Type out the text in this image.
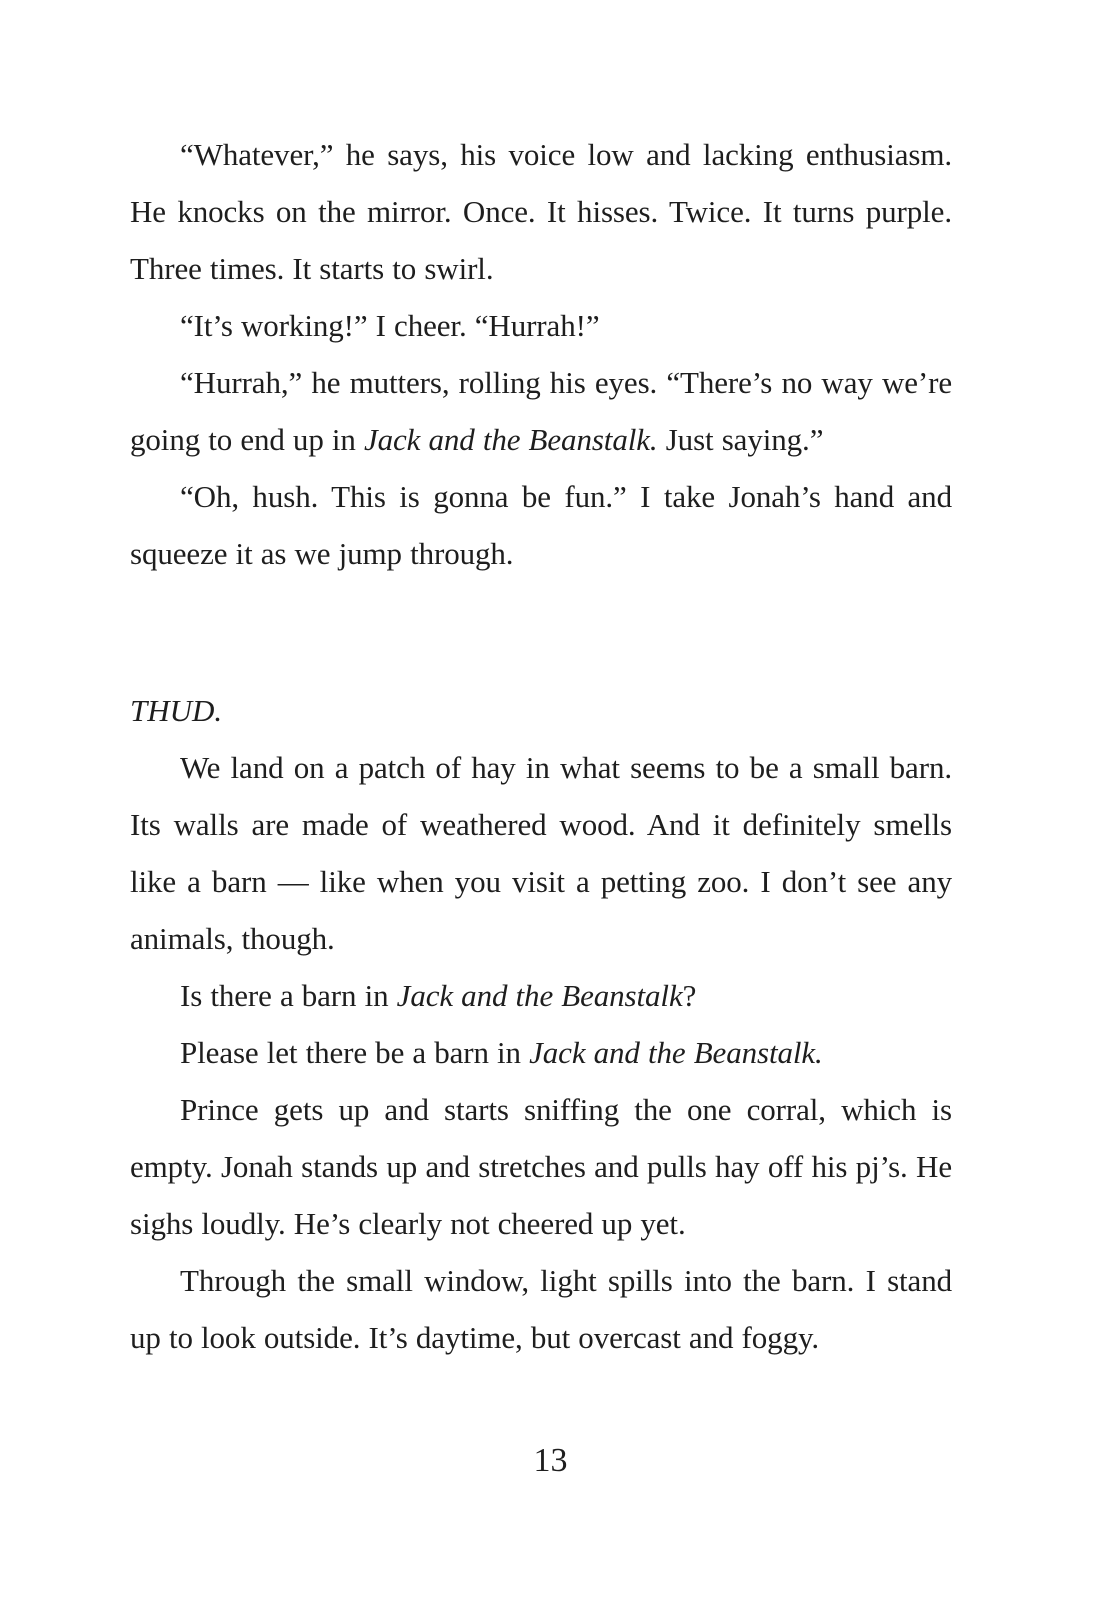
“Whatever,” he says, his voice low and lacking enthusiasm. He knocks on the mirror. Once. It hisses. Twice. It turns purple. Three times. It starts to swirl.

“It’s working!” I cheer. “Hurrah!”

“Hurrah,” he mutters, rolling his eyes. “There’s no way we’re going to end up in Jack and the Beanstalk. Just saying.”

“Oh, hush. This is gonna be fun.” I take Jonah’s hand and squeeze it as we jump through.

THUD.

We land on a patch of hay in what seems to be a small barn. Its walls are made of weathered wood. And it definitely smells like a barn — like when you visit a petting zoo. I don’t see any animals, though.

Is there a barn in Jack and the Beanstalk?

Please let there be a barn in Jack and the Beanstalk.

Prince gets up and starts sniffing the one corral, which is empty. Jonah stands up and stretches and pulls hay off his pj’s. He sighs loudly. He’s clearly not cheered up yet.

Through the small window, light spills into the barn. I stand up to look outside. It’s daytime, but overcast and foggy.

13
